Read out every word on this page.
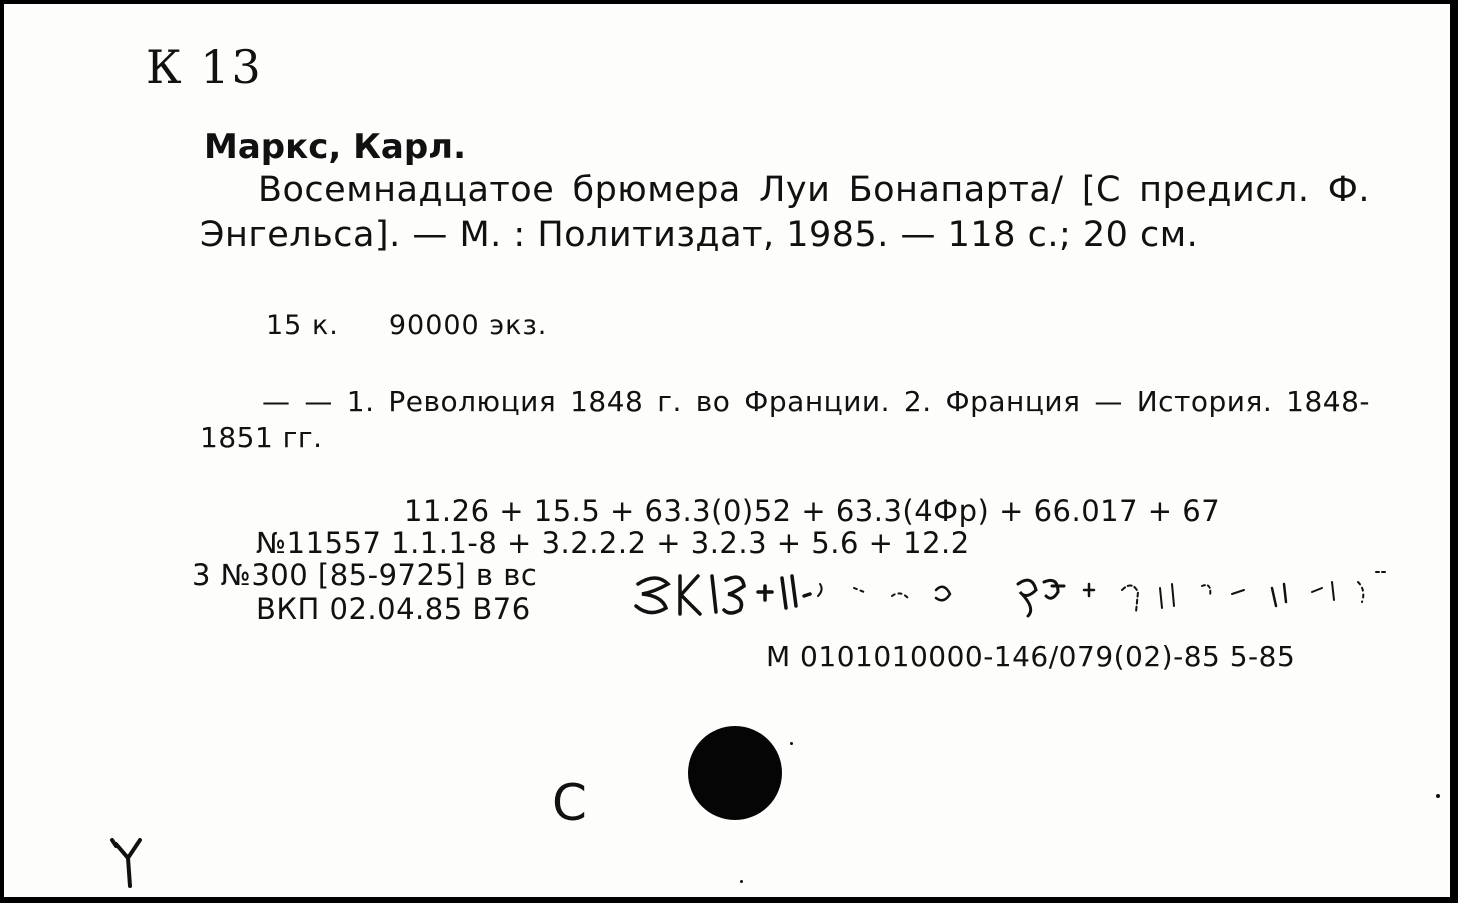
К 13
Маркс, Карл.
Восемнадцатое брюмера Луи Бонапарта/ [С предисл. Ф. Энгельса]. — М. : Политиздат, 1985. — 118 с.; 20 см.
15 к. 90000 экз.
— — 1. Революция 1848 г. во Франции. 2. Франция — История. 1848-1851 гг.
11.26 + 15.5 + 63.3(0)52 + 63.3(4Фр) + 66.017 + 67
№11557 1.1.1-8 + 3.2.2.2 + 3.2.3 + 5.6 + 12.2
3 №300 [85-9725] в вс
ВКП 02.04.85 В76
М 0101010000-146/079(02)-85 5-85
С
